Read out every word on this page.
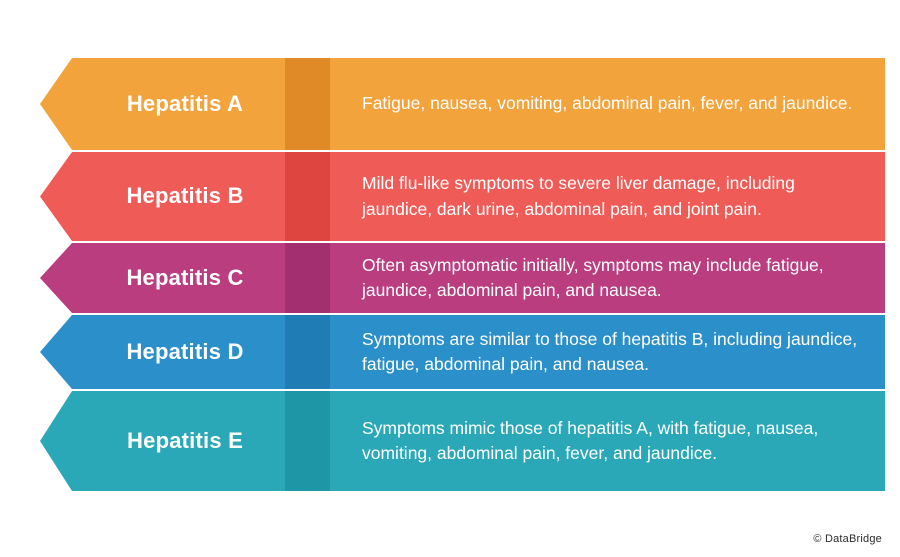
Hepatitis A	Fatigue, nausea, vomiting, abdominal pain, fever, and jaundice.
Hepatitis B
Mild flu-like symptoms to severe liver damage, including jaundice, dark urine, abdominal pain, and joint pain.
Hepatitis C
Often asymptomatic initially, symptoms may include fatigue, jaundice, abdominal pain, and nausea.
Hepatitis D
Symptoms are similar to those of hepatitis B, including jaundice, fatigue, abdominal pain, and nausea.
Hepatitis E
Symptoms mimic those of hepatitis A, with fatigue, nausea, vomiting, abdominal pain, fever, and jaundice.
© DataBridge
